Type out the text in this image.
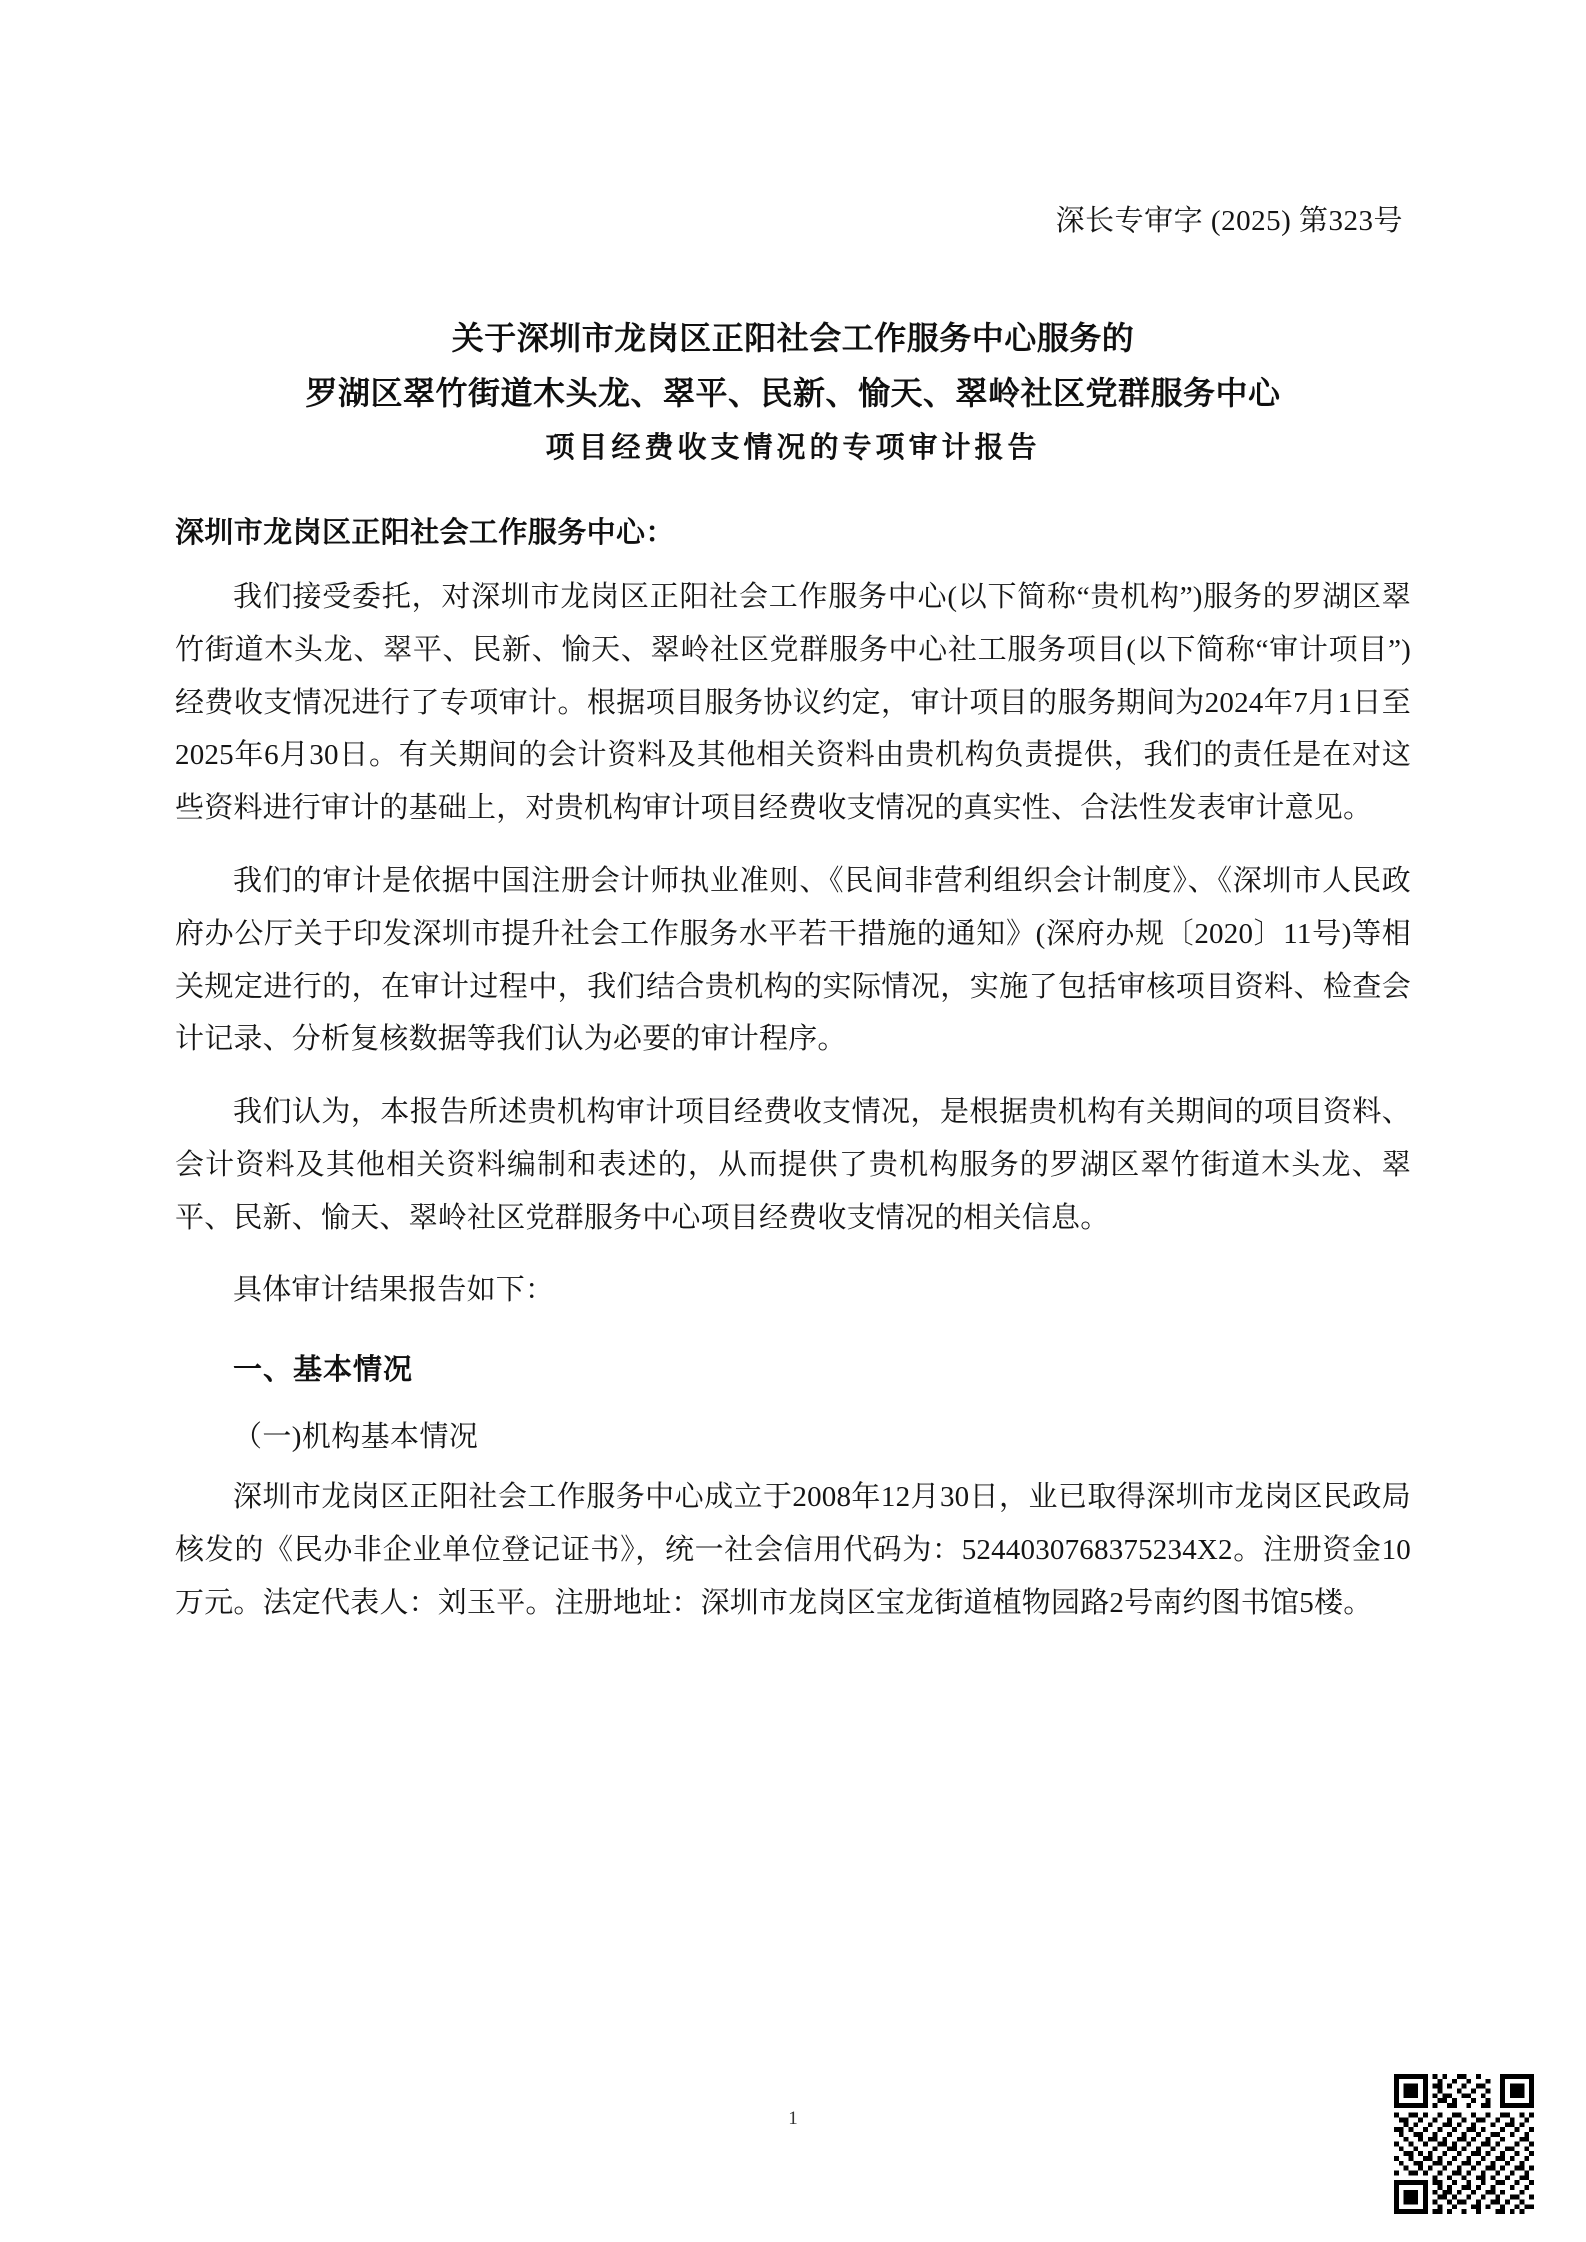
深长专审字 (2025) 第323号
关于深圳市龙岗区正阳社会工作服务中心服务的
罗湖区翠竹街道木头龙、翠平、民新、愉天、翠岭社区党群服务中心
项目经费收支情况的专项审计报告
深圳市龙岗区正阳社会工作服务中心：

我们接受委托，对深圳市龙岗区正阳社会工作服务中心(以下简称“贵机构”)服务的罗湖区翠竹街道木头龙、翠平、民新、愉天、翠岭社区党群服务中心社工服务项目(以下简称“审计项目”)经费收支情况进行了专项审计。根据项目服务协议约定，审计项目的服务期间为2024年7月1日至2025年6月30日。有关期间的会计资料及其他相关资料由贵机构负责提供，我们的责任是在对这些资料进行审计的基础上，对贵机构审计项目经费收支情况的真实性、合法性发表审计意见。

我们的审计是依据中国注册会计师执业准则、《民间非营利组织会计制度》、《深圳市人民政府办公厅关于印发深圳市提升社会工作服务水平若干措施的通知》(深府办规〔2020〕11号)等相关规定进行的，在审计过程中，我们结合贵机构的实际情况，实施了包括审核项目资料、检查会计记录、分析复核数据等我们认为必要的审计程序。

我们认为，本报告所述贵机构审计项目经费收支情况，是根据贵机构有关期间的项目资料、会计资料及其他相关资料编制和表述的，从而提供了贵机构服务的罗湖区翠竹街道木头龙、翠平、民新、愉天、翠岭社区党群服务中心项目经费收支情况的相关信息。

具体审计结果报告如下：

一、基本情况
（一)机构基本情况

深圳市龙岗区正阳社会工作服务中心成立于2008年12月30日，业已取得深圳市龙岗区民政局核发的《民办非企业单位登记证书》，统一社会信用代码为：5244030768375234X2。注册资金10万元。法定代表人：刘玉平。注册地址：深圳市龙岗区宝龙街道植物园路2号南约图书馆5楼。

1
